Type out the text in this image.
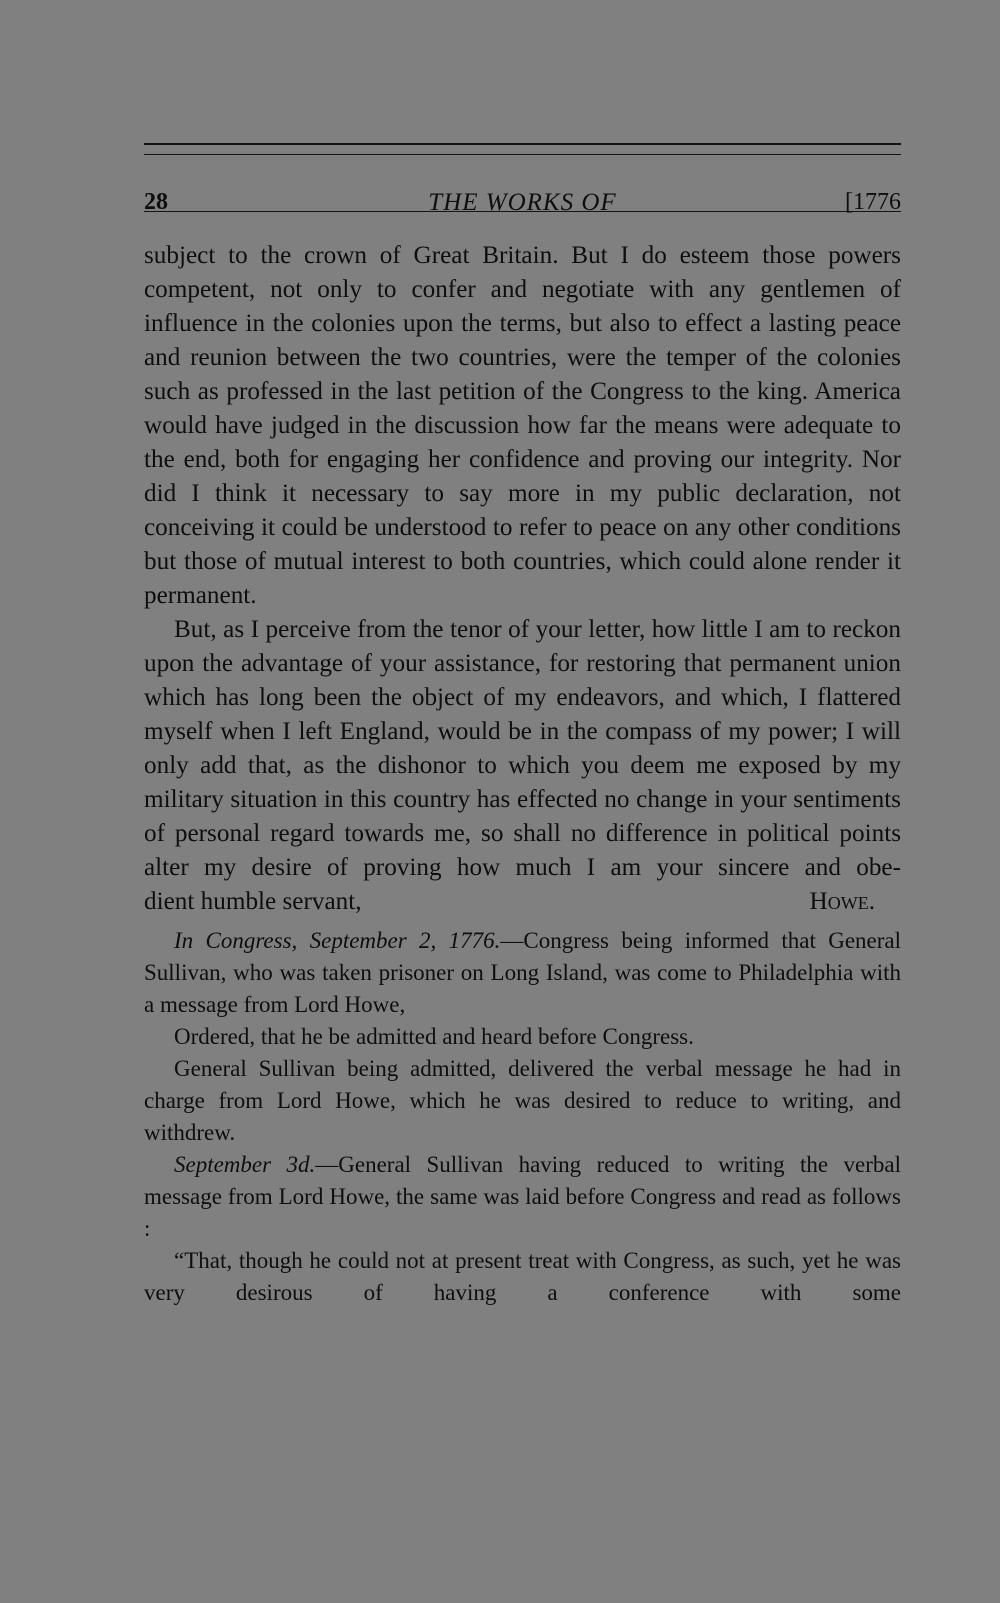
28	THE WORKS OF	[1776

subject to the crown of Great Britain. But I do esteem those powers competent, not only to confer and negotiate with any gentlemen of influence in the colonies upon the terms, but also to effect a lasting peace and reunion between the two countries, were the temper of the colonies such as professed in the last petition of the Congress to the king. America would have judged in the discussion how far the means were adequate to the end, both for engaging her confidence and proving our integrity. Nor did I think it necessary to say more in my public declaration, not conceiving it could be understood to refer to peace on any other conditions but those of mutual interest to both countries, which could alone render it permanent.

But, as I perceive from the tenor of your letter, how little I am to reckon upon the advantage of your assistance, for restoring that permanent union which has long been the object of my endeavors, and which, I flattered myself when I left England, would be in the compass of my power; I will only add that, as the dishonor to which you deem me exposed by my military situation in this country has effected no change in your sentiments of personal regard towards me, so shall no difference in political points alter my desire of proving how much I am your sincere and obe-

dient humble servant,	Howe.

In Congress, September 2, 1776.—Congress being informed that General Sullivan, who was taken prisoner on Long Island, was come to Philadelphia with a message from Lord Howe,

Ordered, that he be admitted and heard before Congress.

General Sullivan being admitted, delivered the verbal message he had in charge from Lord Howe, which he was desired to reduce to writing, and withdrew.

September 3d.—General Sullivan having reduced to writing the verbal message from Lord Howe, the same was laid before Congress and read as follows :

“That, though he could not at present treat with Congress, as such, yet he was very desirous of having a conference with some
